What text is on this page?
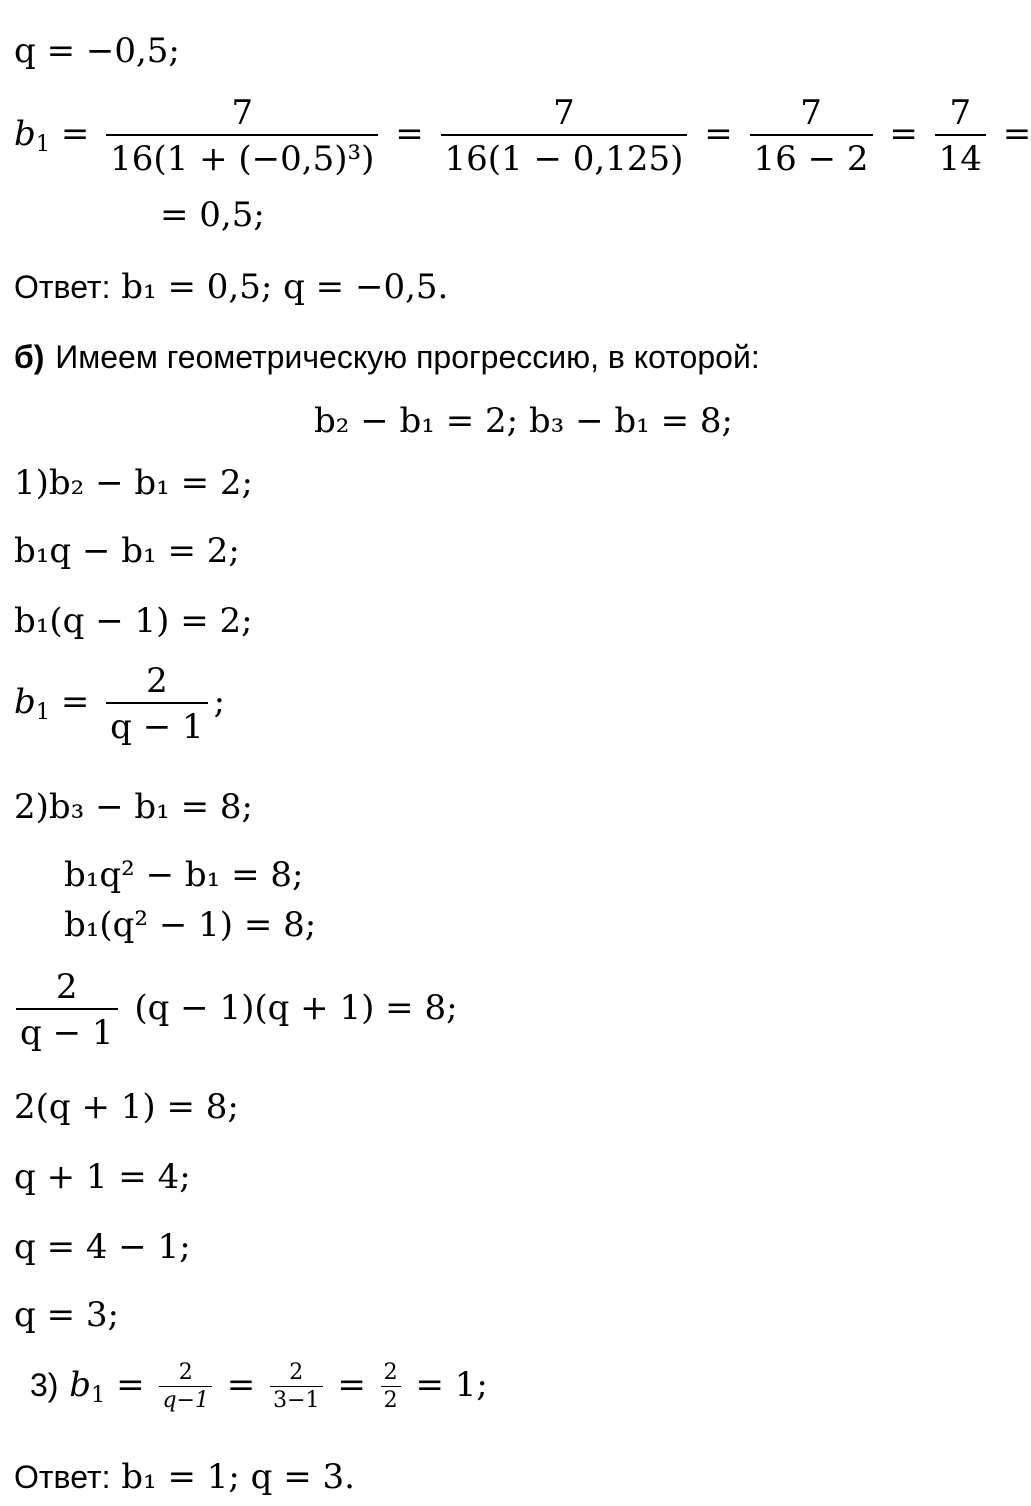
q = −0,5;
$b1 = \frac{7}{\text{16(1 + (−0,5)³)}} = \frac{7}{16(1 - 0,125)} = \frac{7}{16 - 2} = \frac{7}{14}$ =
= 0,5;
Ответ: b₁ = 0,5; q = −0,5.
б) Имеем геометрическую прогрессию, в которой:
b₂ − b₁ = 2; b₃ − b₁ = 8;
1)b₂ − b₁ = 2;
b₁q − b₁ = 2;
b₁(q − 1) = 2;
$b1 = \frac{2}{q - 1}$ ;
2)b₃ − b₁ = 8;
b₁q² − b₁ = 8;
b₁(q² − 1) = 8;
$\frac{2}{q - 1} (q - 1)(q + 1) = 8$;
2(q + 1) = 8;
q + 1 = 4;
q = 4 − 1;
q = 3;
3) $b1 = \frac{2}{q-1} = \frac{2}{3-1} = \frac{2}{2} = 1$;
Ответ: b₁ = 1; q = 3.
